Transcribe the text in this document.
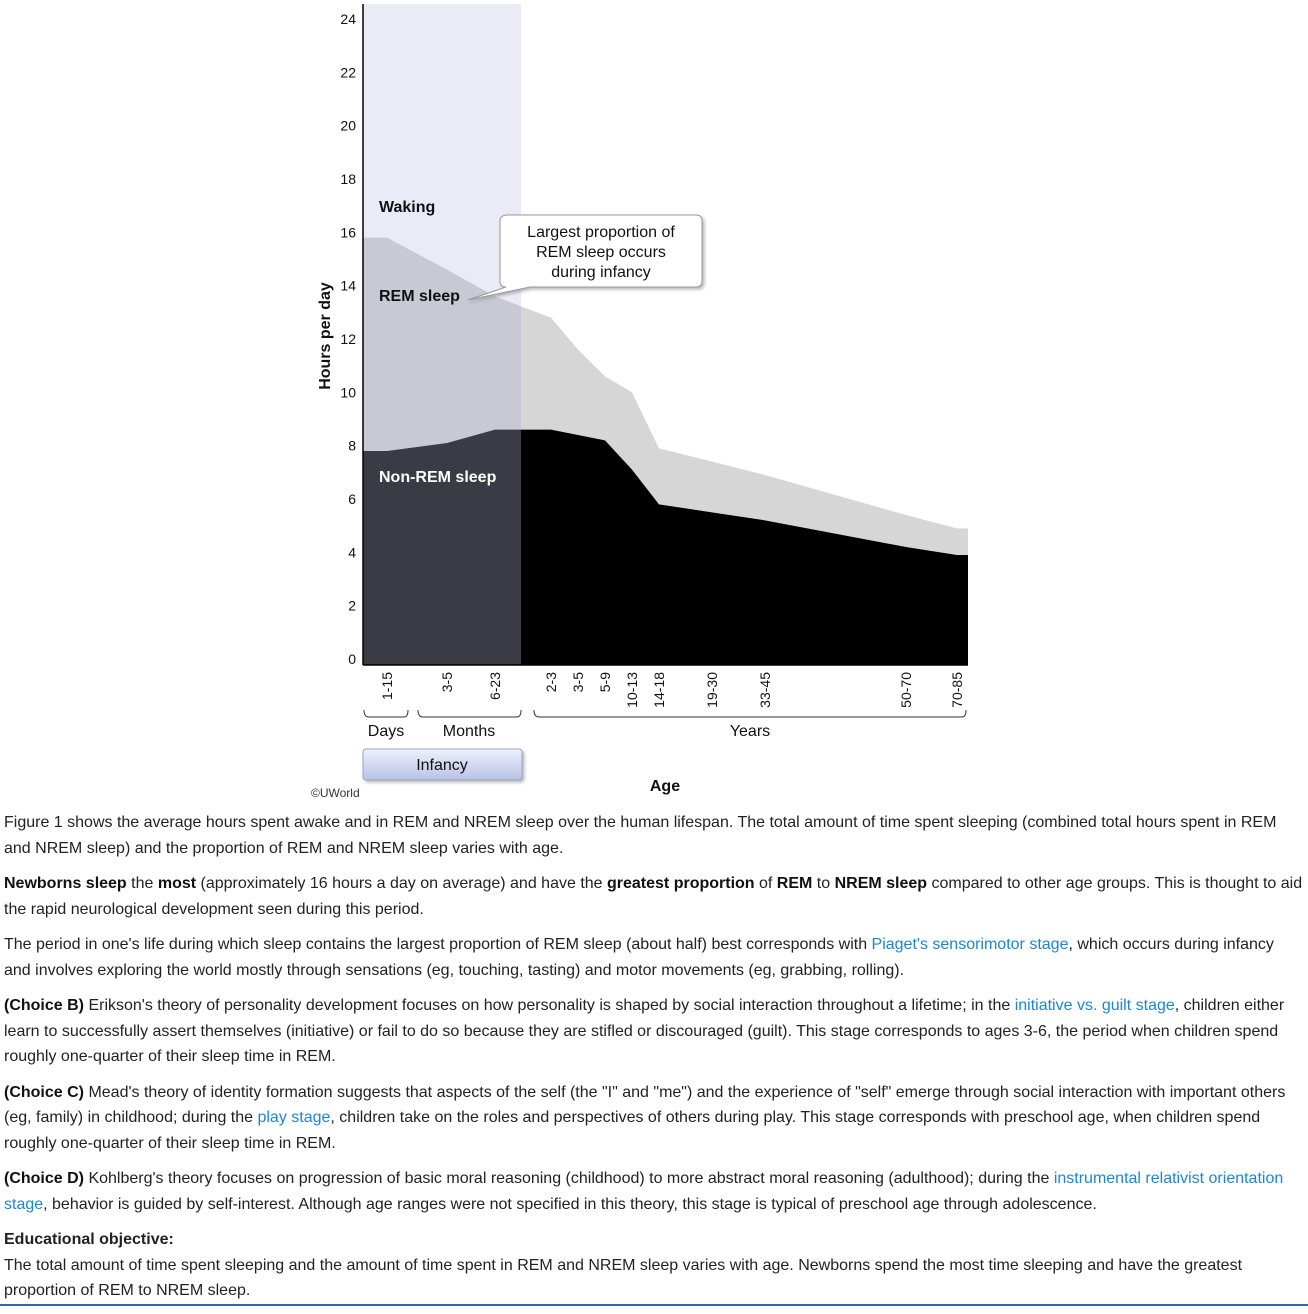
0
2
4
6
8
10
12
14
16
18
20
22
24
1-15	3-5 6-23	2-3 3-5 5-9 10-13 14-18	19-30	33-45	50-70	70-85
Hours per day
Waking
REM sleep
Non-REM sleep
Largest proportion of
REM sleep occurs
during infancy
Days Months	Years
Infancy
Age
©UWorld

Figure 1 shows the average hours spent awake and in REM and NREM sleep over the human lifespan. The total amount of time spent sleeping (combined total hours spent in REM and NREM sleep) and the proportion of REM and NREM sleep varies with age.

Newborns sleep the most (approximately 16 hours a day on average) and have the greatest proportion of REM to NREM sleep compared to other age groups. This is thought to aid the rapid neurological development seen during this period.

The period in one's life during which sleep contains the largest proportion of REM sleep (about half) best corresponds with Piaget's sensorimotor stage, which occurs during infancy and involves exploring the world mostly through sensations (eg, touching, tasting) and motor movements (eg, grabbing, rolling).

(Choice B) Erikson's theory of personality development focuses on how personality is shaped by social interaction throughout a lifetime; in the initiative vs. guilt stage, children either learn to successfully assert themselves (initiative) or fail to do so because they are stifled or discouraged (guilt). This stage corresponds to ages 3-6, the period when children spend roughly one-quarter of their sleep time in REM.

(Choice C) Mead's theory of identity formation suggests that aspects of the self (the "I" and "me") and the experience of "self" emerge through social interaction with important others (eg, family) in childhood; during the play stage, children take on the roles and perspectives of others during play. This stage corresponds with preschool age, when children spend roughly one-quarter of their sleep time in REM.

(Choice D) Kohlberg's theory focuses on progression of basic moral reasoning (childhood) to more abstract moral reasoning (adulthood); during the instrumental relativist orientation stage, behavior is guided by self-interest. Although age ranges were not specified in this theory, this stage is typical of preschool age through adolescence.

Educational objective:

The total amount of time spent sleeping and the amount of time spent in REM and NREM sleep varies with age. Newborns spend the most time sleeping and have the greatest proportion of REM to NREM sleep.
